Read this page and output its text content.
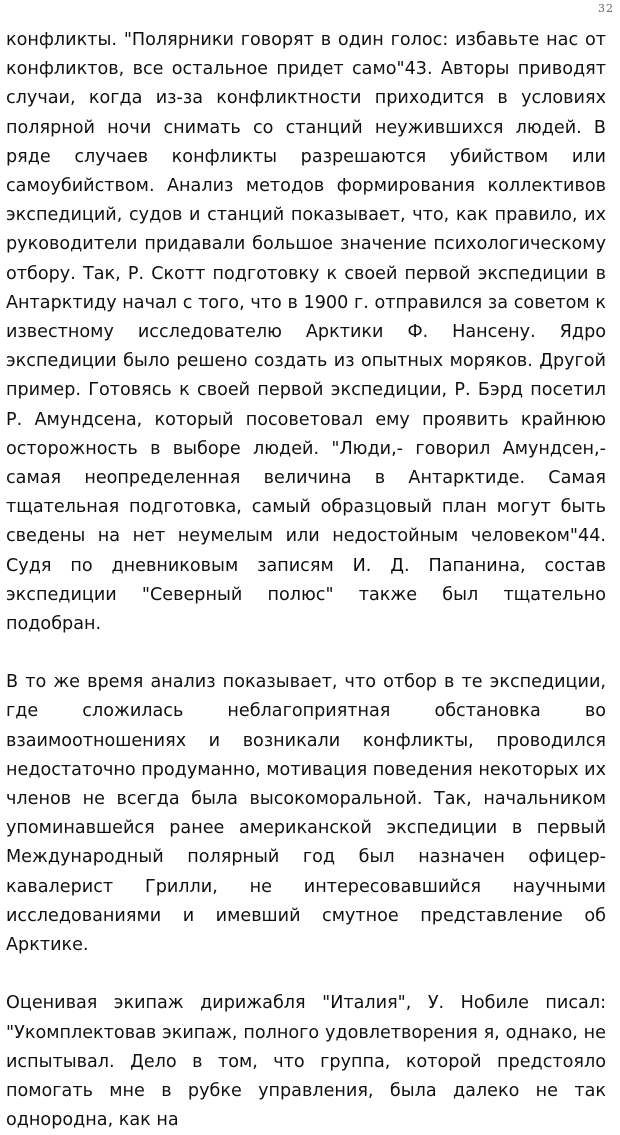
32

конфликты. "Полярники говорят в один голос: избавьте нас от конфликтов, все остальное придет само"43. Авторы приводят случаи, когда из-за конфликтности приходится в условиях полярной ночи снимать со станций неужившихся людей. В ряде случаев конфликты разрешаются убийством или самоубийством. Анализ методов формирования коллективов экспедиций, судов и станций показывает, что, как правило, их руководители придавали большое значение психологическому отбору. Так, Р. Скотт подготовку к своей первой экспедиции в Антарктиду начал с того, что в 1900 г. отправился за советом к известному исследователю Арктики Ф. Нансену. Ядро экспедиции было решено создать из опытных моряков. Другой пример. Готовясь к своей первой экспедиции, Р. Бэрд посетил Р. Амундсена, который посоветовал ему проявить крайнюю осторожность в выборе людей. "Люди,- говорил Амундсен,- самая неопределенная величина в Антарктиде. Самая тщательная подготовка, самый образцовый план могут быть сведены на нет неумелым или недостойным человеком"44. Судя по дневниковым записям И. Д. Папанина, состав экспедиции "Северный полюс" также был тщательно подобран.

В то же время анализ показывает, что отбор в те экспедиции, где сложилась неблагоприятная обстановка во взаимоотношениях и возникали конфликты, проводился недостаточно продуманно, мотивация поведения некоторых их членов не всегда была высокоморальной. Так, начальником упоминавшейся ранее американской экспедиции в первый Международный полярный год был назначен офицер-кавалерист Грилли, не интересовавшийся научными исследованиями и имевший смутное представление об Арктике.

Оценивая экипаж дирижабля "Италия", У. Нобиле писал: "Укомплектовав экипаж, полного удовлетворения я, однако, не испытывал. Дело в том, что группа, которой предстояло помогать мне в рубке управления, была далеко не так однородна, как на
